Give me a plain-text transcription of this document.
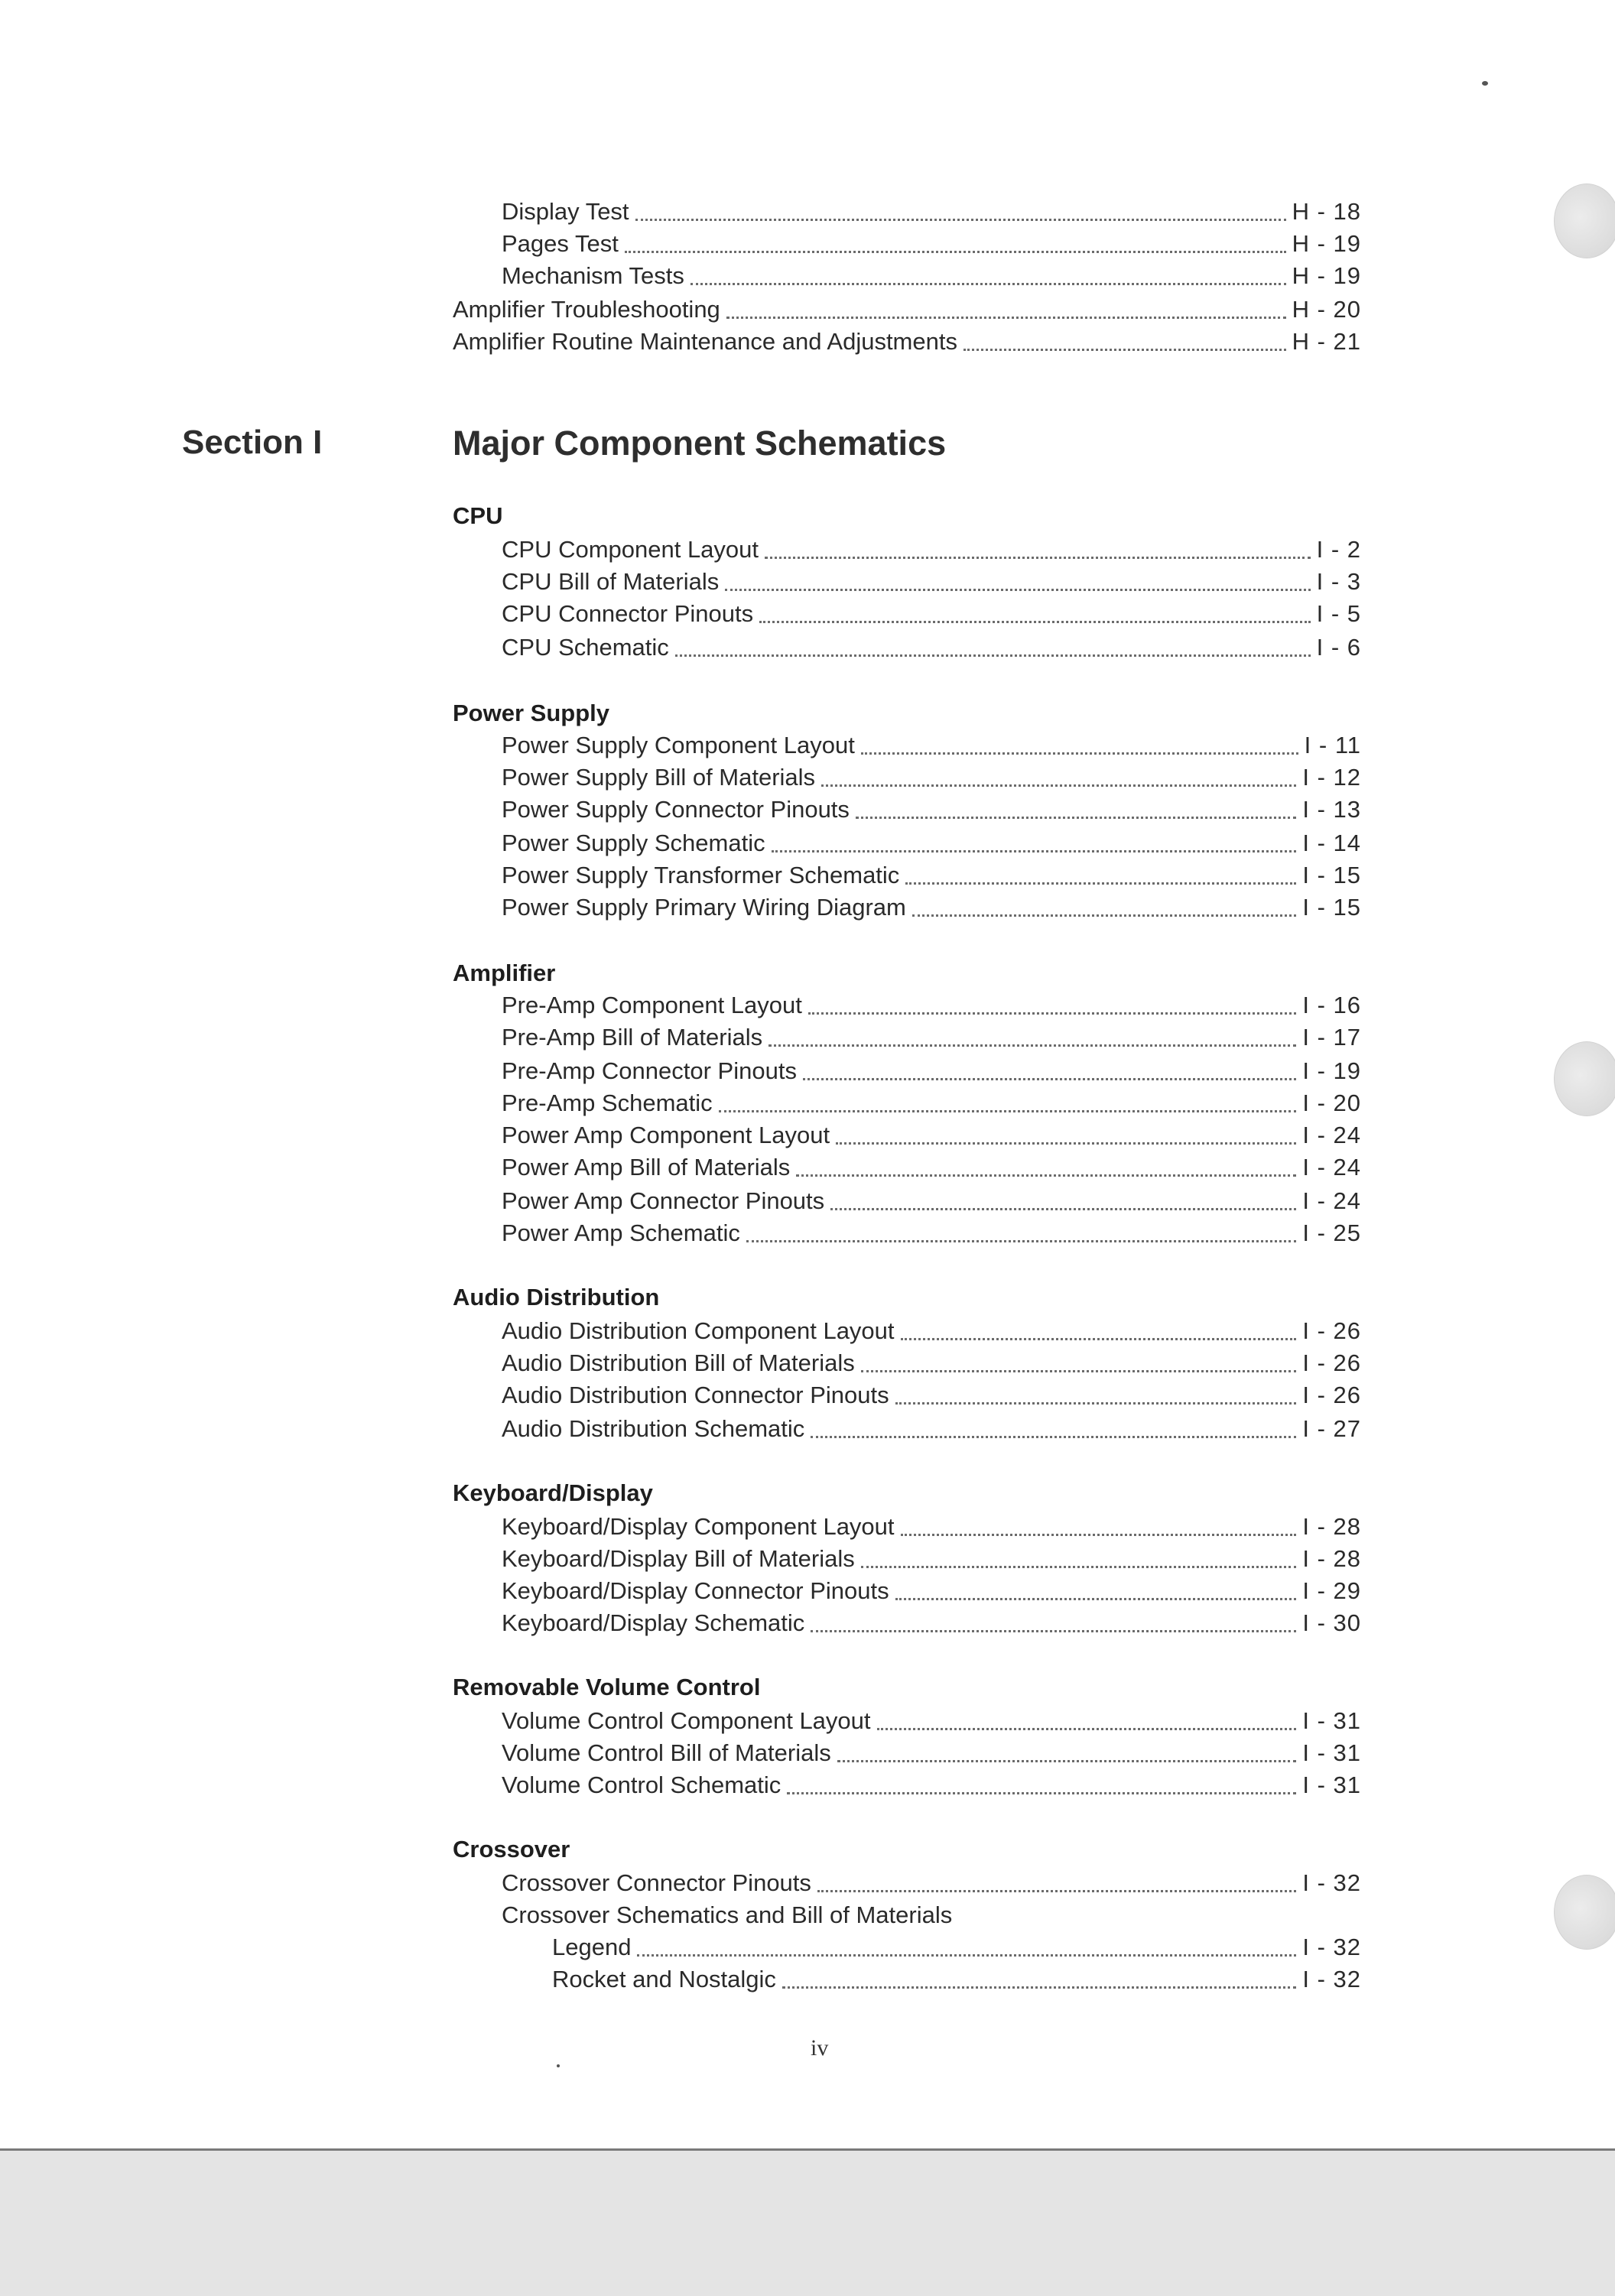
Display Test	H - 18
Pages Test	H - 19
Mechanism Tests	H - 19
Amplifier Troubleshooting	H - 20
Amplifier Routine Maintenance and Adjustments	H - 21
Section I	Major Component Schematics
CPU
CPU Component Layout	I - 2
CPU Bill of Materials	I - 3
CPU Connector Pinouts	I - 5
CPU Schematic	I - 6
Power Supply
Power Supply Component Layout	I - 11
Power Supply Bill of Materials	I - 12
Power Supply Connector Pinouts	I - 13
Power Supply Schematic	I - 14
Power Supply Transformer Schematic	I - 15
Power Supply Primary Wiring Diagram	I - 15
Amplifier
Pre-Amp Component Layout	I - 16
Pre-Amp Bill of Materials	I - 17
Pre-Amp Connector Pinouts	I - 19
Pre-Amp Schematic	I - 20
Power Amp Component Layout	I - 24
Power Amp Bill of Materials	I - 24
Power Amp Connector Pinouts	I - 24
Power Amp Schematic	I - 25
Audio Distribution
Audio Distribution Component Layout	I - 26
Audio Distribution Bill of Materials	I - 26
Audio Distribution Connector Pinouts	I - 26
Audio Distribution Schematic	I - 27
Keyboard/Display
Keyboard/Display Component Layout	I - 28
Keyboard/Display Bill of Materials	I - 28
Keyboard/Display Connector Pinouts	I - 29
Keyboard/Display Schematic	I - 30
Removable Volume Control
Volume Control Component Layout	I - 31
Volume Control Bill of Materials	I - 31
Volume Control Schematic	I - 31
Crossover
Crossover Connector Pinouts	I - 32
Crossover Schematics and Bill of Materials
Legend	I - 32
Rocket and Nostalgic	I - 32
iv
